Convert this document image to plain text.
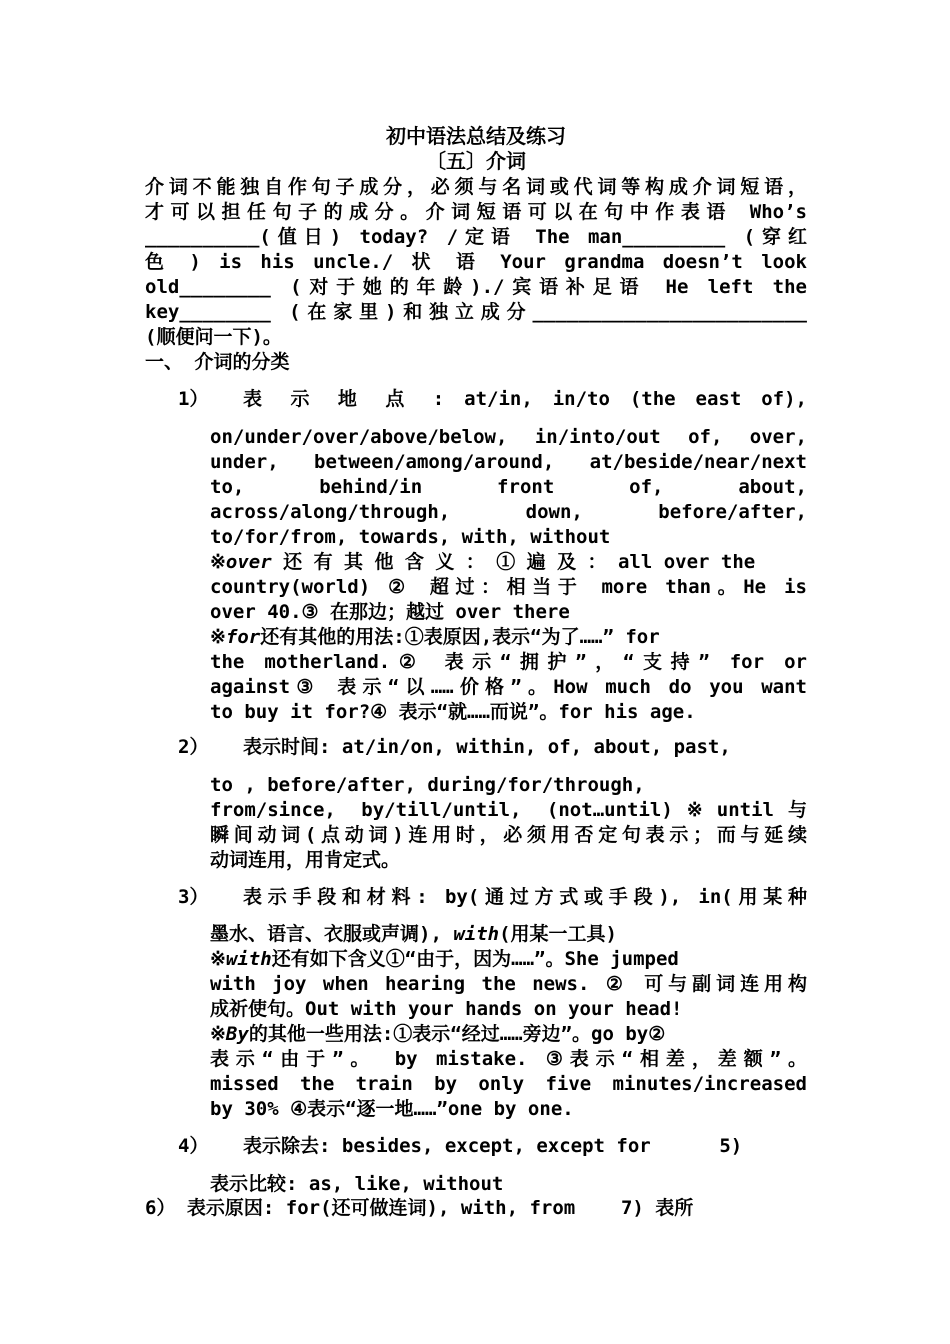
初中语法总结及练习
〔五〕介词
介词不能独自作句子成分，必须与名词或代词等构成介词短语，
才可以担任句子的成分。介词短语可以在句中作表语 Who’s
__________(值日) today? /定语 The man_________ (穿红
色 ) is his uncle./ 状 语 Your grandma doesn’t look
old________ (对于她的年龄)./宾语补足语 He left the
key________ (在家里)和独立成分________________________
(顺便问一下)。
一、 介词的分类
1） 表 示 地 点 : at/in, in/to (the east of),
on/under/over/above/below, in/into/out of, over,
under, between/among/around, at/beside/near/next
to, behind/in front of, about,
across/along/through, down, before/after,
to/for/from, towards, with, without
※over 还 有 其 他 含 义 ： ① 遍 及 ： all over the
country(world) ② 超过：相当于 more than。He is
over 40.③ 在那边；越过 over there
※for还有其他的用法:①表原因,表示“为了……” for
the motherland.② 表示“拥护”，“支持” for or
against③ 表示“以……价格”。How much do you want
to buy it for?④ 表示“就……而说”。for his age.
2） 表示时间: at/in/on, within, of, about, past,
to , before/after, during/for/through,
from/since, by/till/until, (not…until)※until与
瞬间动词(点动词)连用时，必须用否定句表示；而与延续
动词连用，用肯定式。
3） 表示手段和材料: by(通过方式或手段), in(用某种
墨水、语言、衣服或声调), with(用某一工具)
※with还有如下含义①“由于，因为……”。She jumped
with joy when hearing the news. ② 可与副词连用构
成祈使句。Out with your hands on your head!
※By的其他一些用法:①表示“经过……旁边”。go by②
表示“由于”。 by mistake. ③表示“相差，差额”。
missed the train by only five minutes/increased
by 30% ④表示“逐一地……”one by one.
4） 表示除去: besides, except, except for      5)
表示比较: as, like, without
6） 表示原因: for(还可做连词), with, from    7) 表所
